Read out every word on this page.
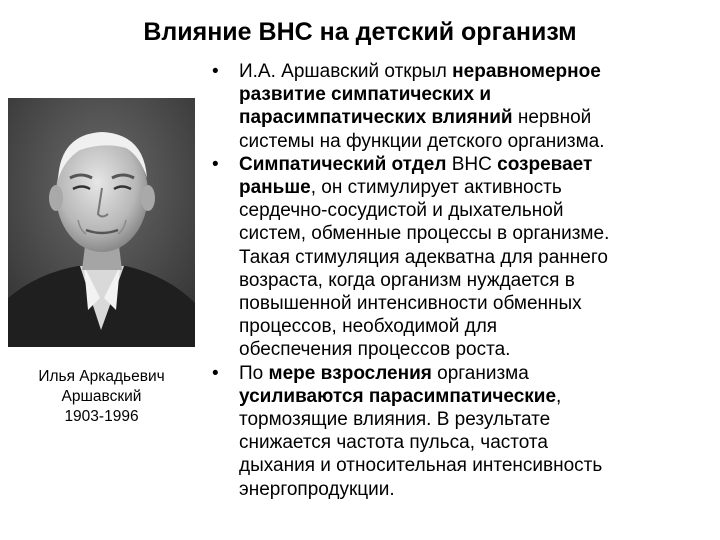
Влияние ВНС на детский организм
Илья Аркадьевич
Аршавский
1903-1996
• И.А. Аршавский открыл неравномерное
развитие симпатических и
парасимпатических влияний нервной
системы на функции детского организма.
• Симпатический отдел ВНС созревает
раньше, он стимулирует активность
сердечно-сосудистой и дыхательной
систем, обменные процессы в организме.
Такая стимуляция адекватна для раннего
возраста, когда организм нуждается в
повышенной интенсивности обменных
процессов, необходимой для
обеспечения процессов роста.
• По мере взросления организма
усиливаются парасимпатические,
тормозящие влияния. В результате
снижается частота пульса, частота
дыхания и относительная интенсивность
энергопродукции.
